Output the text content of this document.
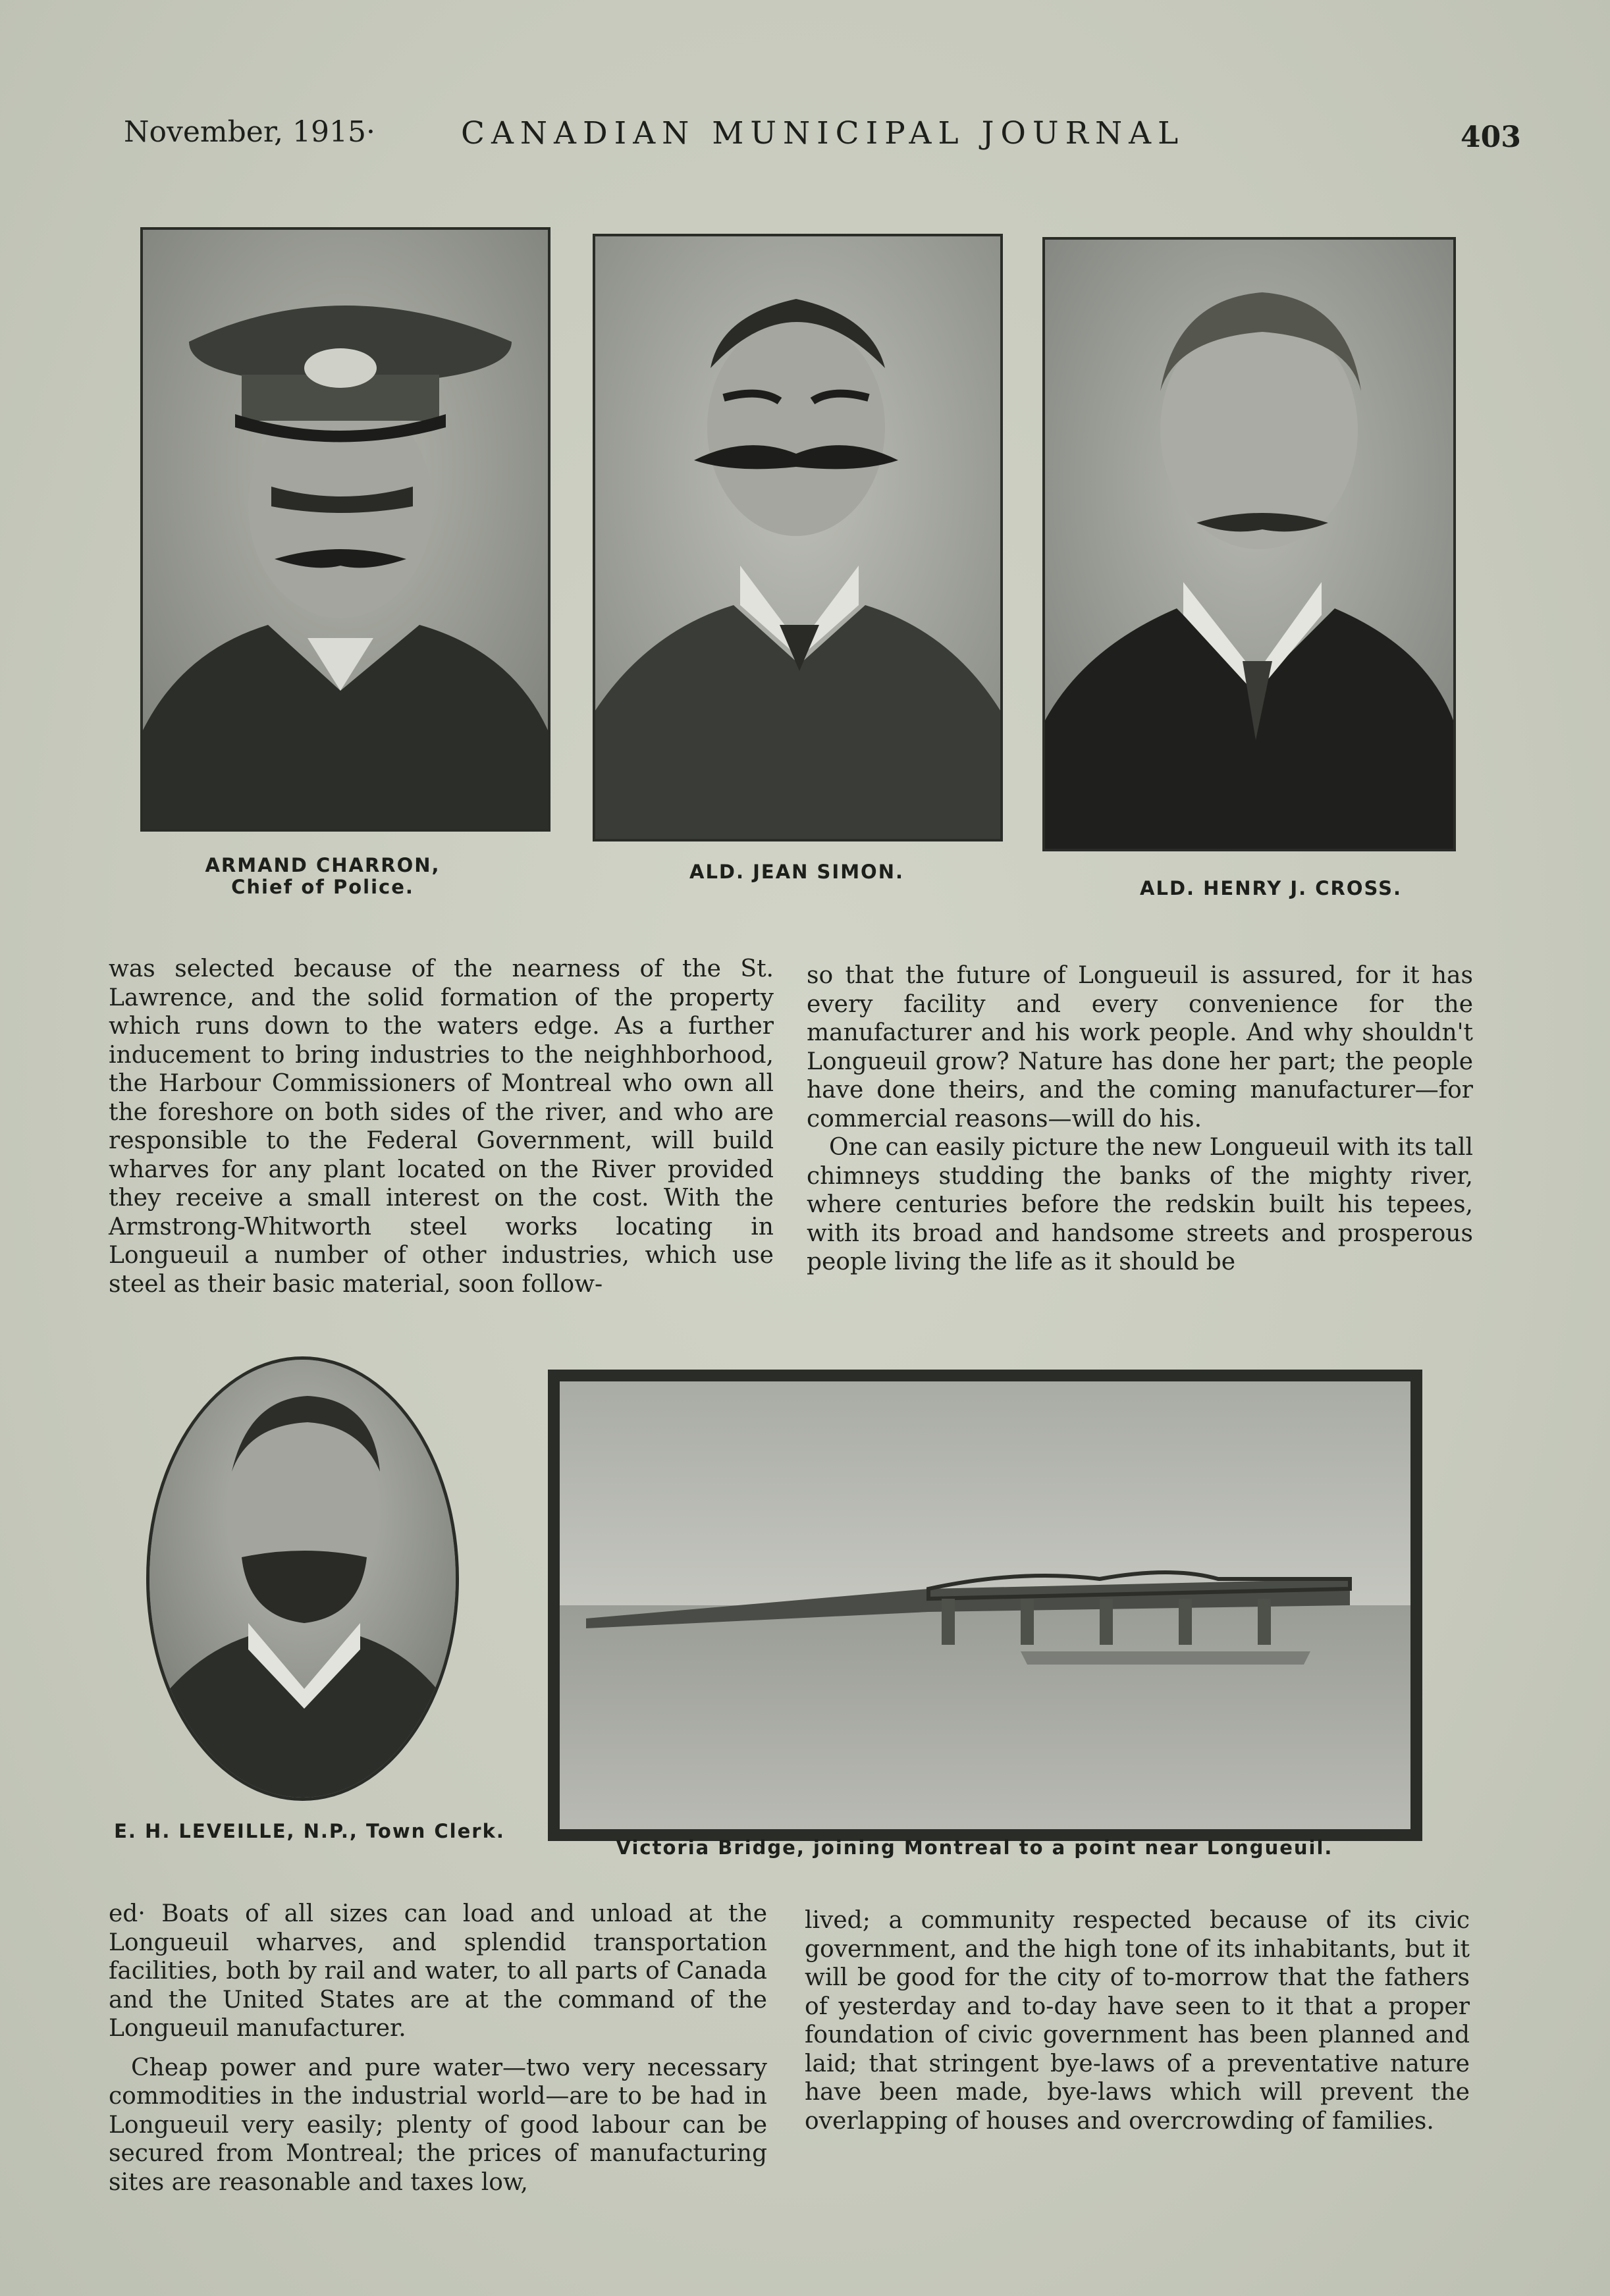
November, 1915·	CANADIAN MUNICIPAL JOURNAL	403
ARMAND CHARRON,
Chief of Police.
ALD. JEAN SIMON.
ALD. HENRY J. CROSS.

was selected because of the nearness of the St. Lawrence, and the solid formation of the property which runs down to the waters edge. As a further inducement to bring industries to the neighhborhood, the Harbour Commissioners of Montreal who own all the foreshore on both sides of the river, and who are responsible to the Federal Government, will build wharves for any plant located on the River provided they receive a small interest on the cost. With the Armstrong-Whitworth steel works locating in Longueuil a number of other industries, which use steel as their basic material, soon follow-

so that the future of Longueuil is assured, for it has every facility and every convenience for the manufacturer and his work people. And why shouldn't Longueuil grow? Nature has done her part; the people have done theirs, and the coming manufacturer—for commercial reasons—will do his.

One can easily picture the new Longueuil with its tall chimneys studding the banks of the mighty river, where centuries before the redskin built his tepees, with its broad and handsome streets and prosperous people living the life as it should be

E. H. LEVEILLE, N.P., Town Clerk.
Victoria Bridge, joining Montreal to a point near Longueuil.

ed· Boats of all sizes can load and unload at the Longueuil wharves, and splendid transportation facilities, both by rail and water, to all parts of Canada and the United States are at the command of the Longueuil manufacturer.

Cheap power and pure water—two very necessary commodities in the industrial world—are to be had in Longueuil very easily; plenty of good labour can be secured from Montreal; the prices of manufacturing sites are reasonable and taxes low,

lived; a community respected because of its civic government, and the high tone of its inhabitants, but it will be good for the city of to-morrow that the fathers of yesterday and to-day have seen to it that a proper foundation of civic government has been planned and laid; that stringent bye-laws of a preventative nature have been made, bye-laws which will prevent the overlapping of houses and overcrowding of families.
